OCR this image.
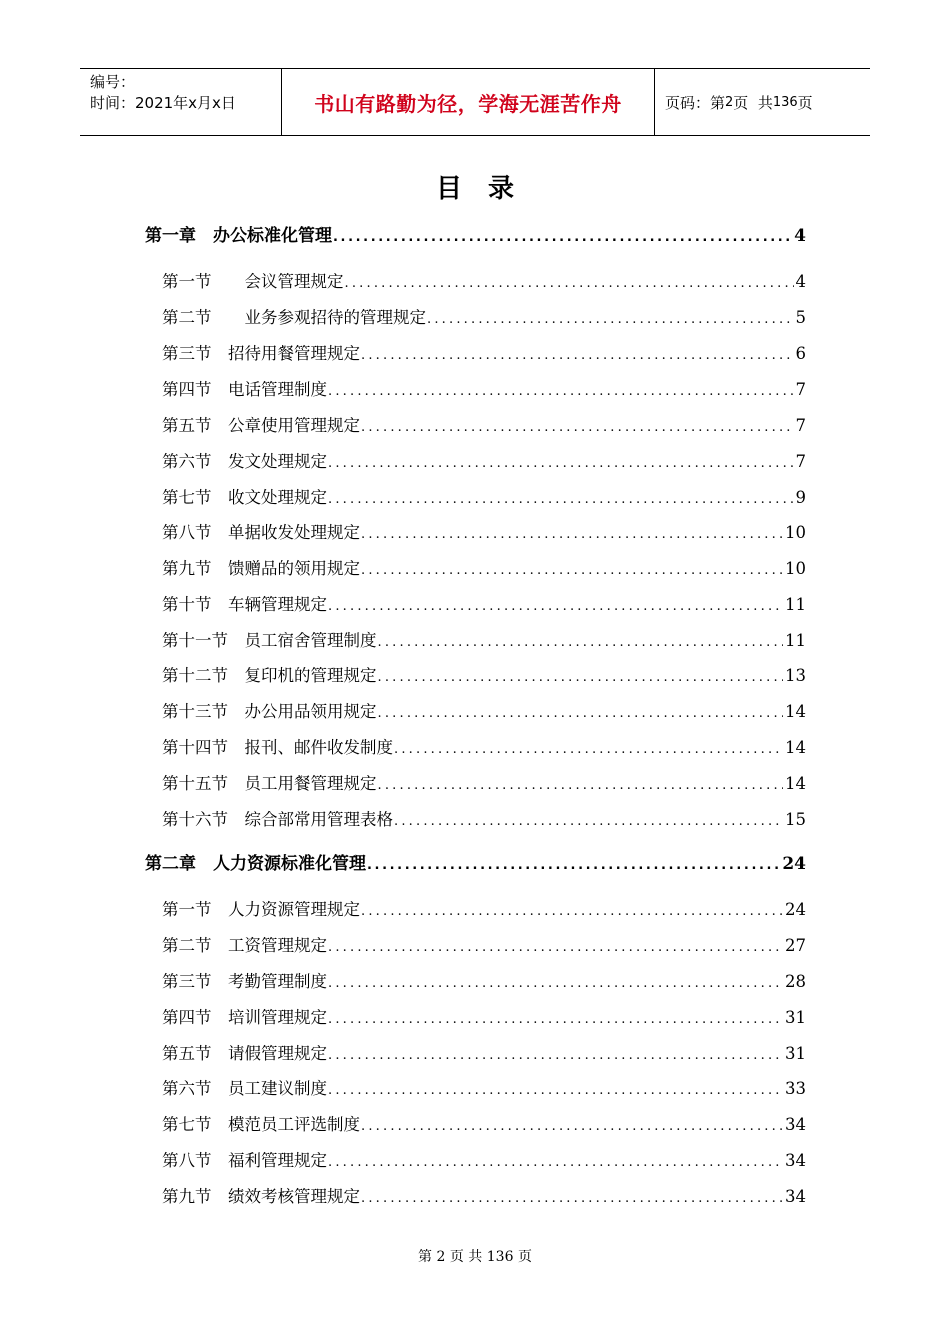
编号：
时间：2021年x月x日	书山有路勤为径，学海无涯苦作舟	页码：第 2 页  共 136 页
目录
第一章　办公标准化管理 .....	4
第一节　　会议管理规定 .....	4
第二节　　业务参观招待的管理规定 .....	5
第三节　招待用餐管理规定 .....	6
第四节　电话管理制度 .....	7
第五节　公章使用管理规定 .....	7
第六节　发文处理规定 .....	7
第七节　收文处理规定 .....	9
第八节　单据收发处理规定 .....	10
第九节　馈赠品的领用规定 .....	10
第十节　车辆管理规定 .....	11
第十一节　员工宿舍管理制度 .....	11
第十二节　复印机的管理规定 .....	13
第十三节　办公用品领用规定 .....	14
第十四节　报刊、邮件收发制度 .....	14
第十五节　员工用餐管理规定 .....	14
第十六节　综合部常用管理表格 .....	15
第二章　人力资源标准化管理 .....	24
第一节　人力资源管理规定 .....	24
第二节　工资管理规定 .....	27
第三节　考勤管理制度 .....	28
第四节　培训管理规定 .....	31
第五节　请假管理规定 .....	31
第六节　员工建议制度 .....	33
第七节　模范员工评选制度 .....	34
第八节　福利管理规定 .....	34
第九节　绩效考核管理规定 .....	34
第 2 页 共 136 页
